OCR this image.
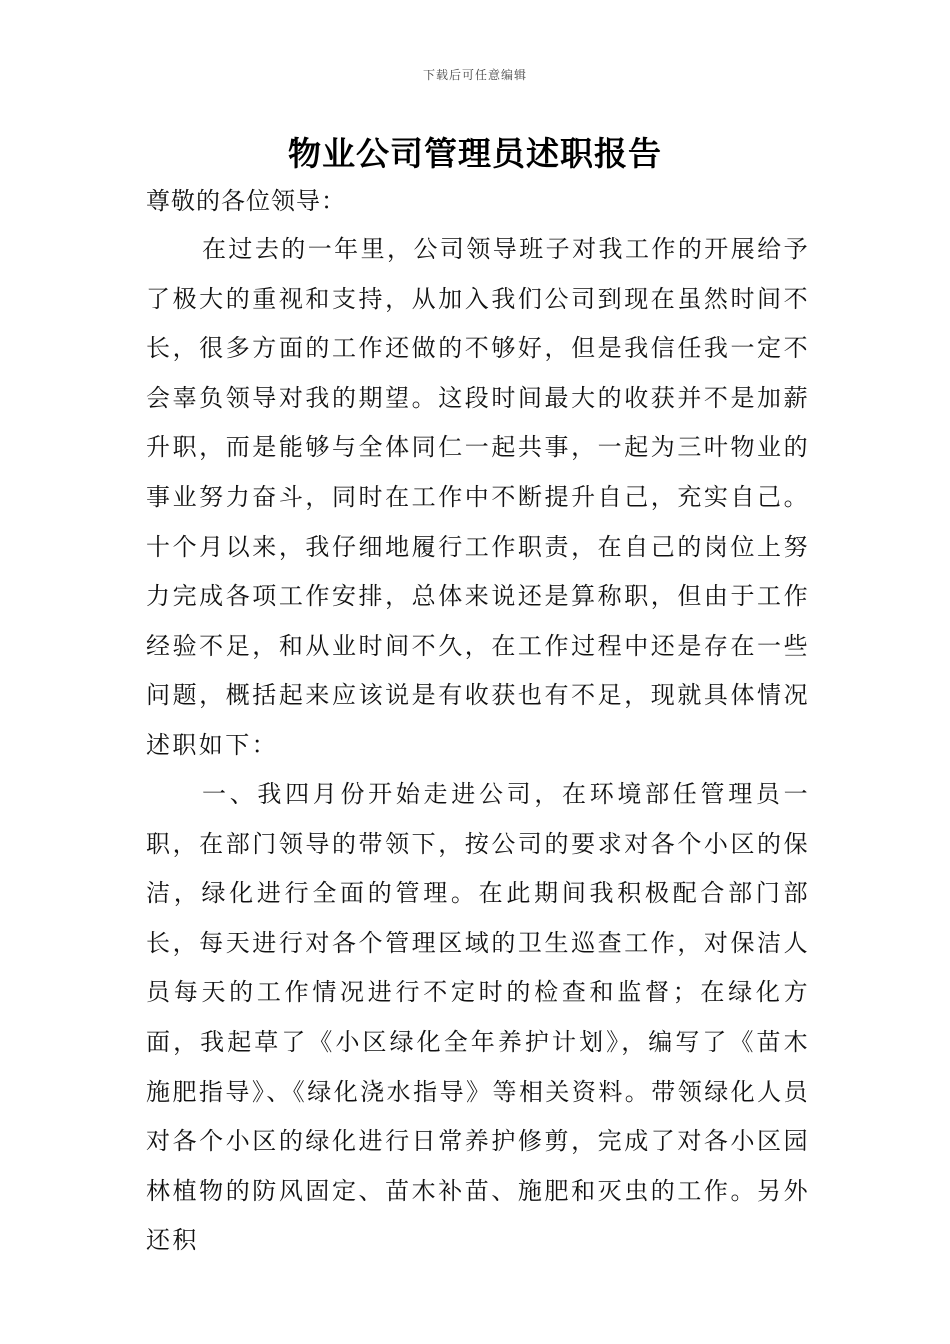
下载后可任意编辑
物业公司管理员述职报告
尊敬的各位领导：

在过去的一年里，公司领导班子对我工作的开展给予了极大的重视和支持，从加入我们公司到现在虽然时间不长，很多方面的工作还做的不够好，但是我信任我一定不会辜负领导对我的期望。这段时间最大的收获并不是加薪升职，而是能够与全体同仁一起共事，一起为三叶物业的事业努力奋斗，同时在工作中不断提升自己，充实自己。十个月以来，我仔细地履行工作职责，在自己的岗位上努力完成各项工作安排，总体来说还是算称职，但由于工作经验不足，和从业时间不久，在工作过程中还是存在一些问题，概括起来应该说是有收获也有不足，现就具体情况述职如下：

一、我四月份开始走进公司，在环境部任管理员一职，在部门领导的带领下，按公司的要求对各个小区的保洁，绿化进行全面的管理。在此期间我积极配合部门部长，每天进行对各个管理区域的卫生巡查工作，对保洁人员每天的工作情况进行不定时的检查和监督；在绿化方面，我起草了《小区绿化全年养护计划》，编写了《苗木施肥指导》、《绿化浇水指导》等相关资料。带领绿化人员对各个小区的绿化进行日常养护修剪，完成了对各小区园林植物的防风固定、苗木补苗、施肥和灭虫的工作。另外还积
